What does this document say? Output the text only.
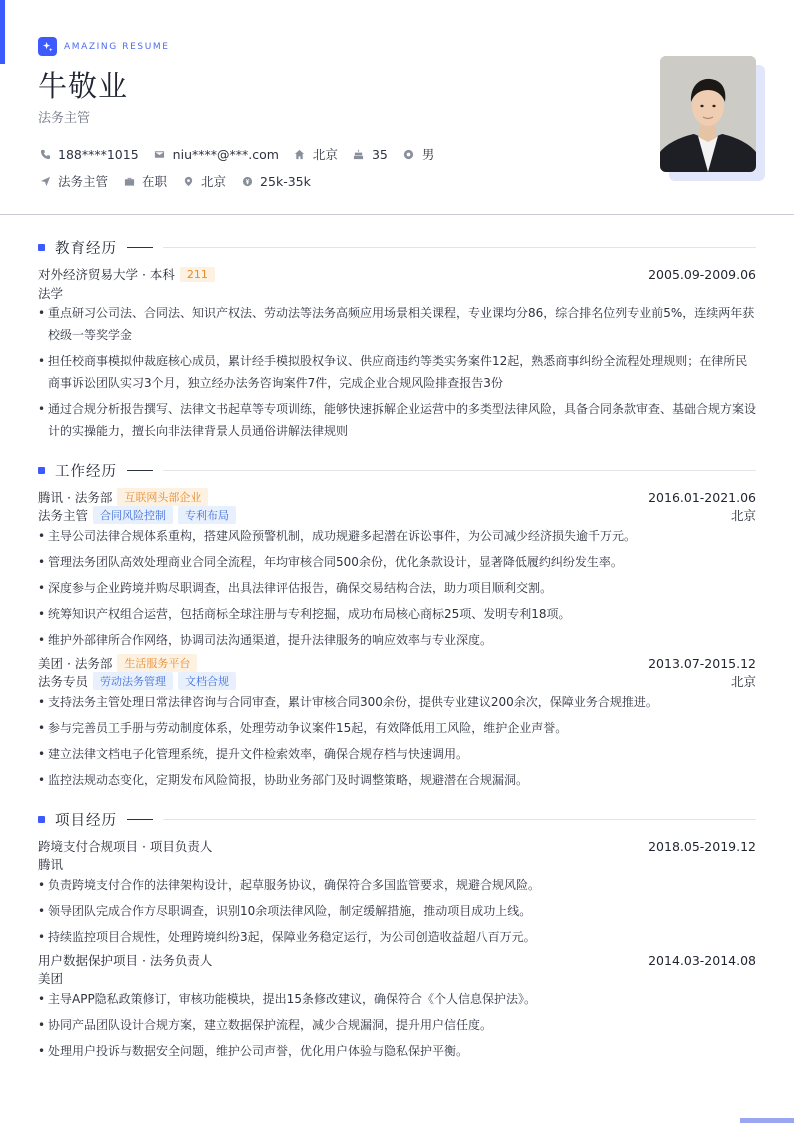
AMAZING RESUME
牛敬业
法务主管
188****1015	niu****@***.com	北京	35	男
法务主管	在职	北京	25k-35k
教育经历
对外经济贸易大学 · 本科	211	2005.09-2009.06
法学
• 重点研习公司法、合同法、知识产权法、劳动法等法务高频应用场景相关课程，专业课均分86，综合排名位列专业前5%，连续两年获校级一等奖学金
• 担任校商事模拟仲裁庭核心成员，累计经手模拟股权争议、供应商违约等类实务案件12起，熟悉商事纠纷全流程处理规则；在律所民商事诉讼团队实习3个月，独立经办法务咨询案件7件，完成企业合规风险排查报告3份
• 通过合规分析报告撰写、法律文书起草等专项训练，能够快速拆解企业运营中的多类型法律风险，具备合同条款审查、基础合规方案设计的实操能力，擅长向非法律背景人员通俗讲解法律规则
工作经历
腾讯 · 法务部	互联网头部企业	2016.01-2021.06
法务主管	合同风险控制	专利布局	北京
• 主导公司法律合规体系重构，搭建风险预警机制，成功规避多起潜在诉讼事件，为公司减少经济损失逾千万元。
• 管理法务团队高效处理商业合同全流程，年均审核合同500余份，优化条款设计，显著降低履约纠纷发生率。
• 深度参与企业跨境并购尽职调查，出具法律评估报告，确保交易结构合法，助力项目顺利交割。
• 统筹知识产权组合运营，包括商标全球注册与专利挖掘，成功布局核心商标25项、发明专利18项。
• 维护外部律所合作网络，协调司法沟通渠道，提升法律服务的响应效率与专业深度。
美团 · 法务部	生活服务平台	2013.07-2015.12
法务专员	劳动法务管理	文档合规	北京
• 支持法务主管处理日常法律咨询与合同审查，累计审核合同300余份，提供专业建议200余次，保障业务合规推进。
• 参与完善员工手册与劳动制度体系，处理劳动争议案件15起，有效降低用工风险，维护企业声誉。
• 建立法律文档电子化管理系统，提升文件检索效率，确保合规存档与快速调用。
• 监控法规动态变化，定期发布风险简报，协助业务部门及时调整策略，规避潜在合规漏洞。
项目经历
跨境支付合规项目 · 项目负责人	2018.05-2019.12
腾讯
• 负责跨境支付合作的法律架构设计，起草服务协议，确保符合多国监管要求，规避合规风险。
• 领导团队完成合作方尽职调查，识别10余项法律风险，制定缓解措施，推动项目成功上线。
• 持续监控项目合规性，处理跨境纠纷3起，保障业务稳定运行，为公司创造收益超八百万元。
用户数据保护项目 · 法务负责人	2014.03-2014.08
美团
• 主导APP隐私政策修订，审核功能模块，提出15条修改建议，确保符合《个人信息保护法》。
• 协同产品团队设计合规方案，建立数据保护流程，减少合规漏洞，提升用户信任度。
• 处理用户投诉与数据安全问题，维护公司声誉，优化用户体验与隐私保护平衡。
